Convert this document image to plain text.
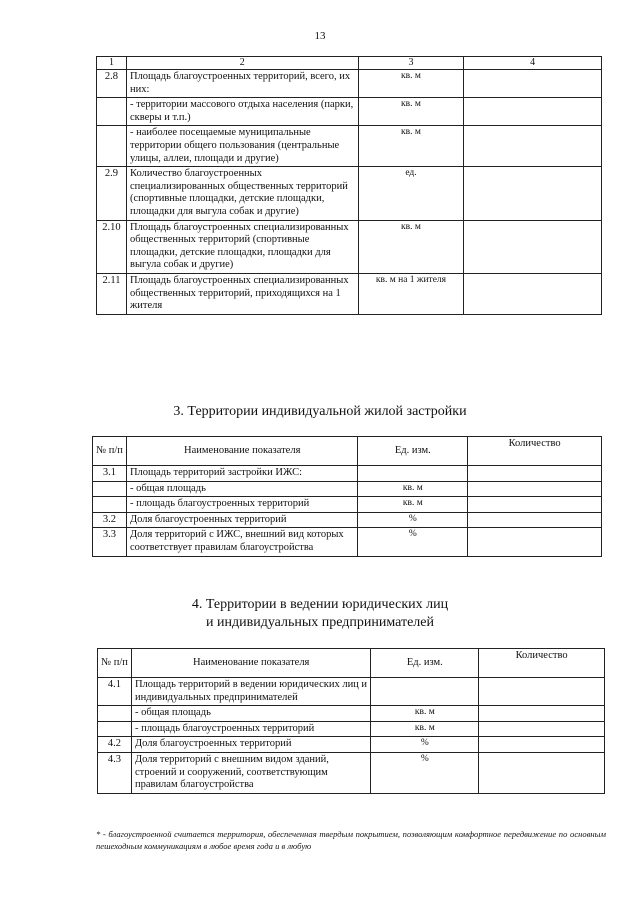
13
1	2	3	4
2.8	Площадь благоустроенных территорий, всего, их них:	кв. м	
	- территории массового отдыха населения (парки, скверы и т.п.)	кв. м	
	- наиболее посещаемые муниципальные территории общего пользования (центральные улицы, аллеи, площади и другие)	кв. м	
2.9	Количество благоустроенных специализированных общественных территорий (спортивные площадки, детские площадки, площадки для выгула собак и другие)	ед.	
2.10	Площадь благоустроенных специализированных общественных территорий (спортивные площадки, детские площадки, площадки для выгула собак и другие)	кв. м	
2.11	Площадь благоустроенных специализированных общественных территорий, приходящихся на 1 жителя	кв. м на 1 жителя	
3. Территории индивидуальной жилой застройки
№ п/п	Наименование показателя	Ед. изм.	Количество
3.1	Площадь территорий застройки ИЖС:		
	- общая площадь	кв. м	
	- площадь благоустроенных территорий	кв. м	
3.2	Доля благоустроенных территорий	%	
3.3	Доля территорий с ИЖС, внешний вид которых соответствует правилам благоустройства	%	
4. Территории в ведении юридических лиц
и индивидуальных предпринимателей
№ п/п	Наименование показателя	Ед. изм.	Количество
4.1	Площадь территорий в ведении юридических лиц и индивидуальных предпринимателей		
	- общая площадь	кв. м	
	- площадь благоустроенных территорий	кв. м	
4.2	Доля благоустроенных территорий	%	
4.3	Доля территорий с внешним видом зданий, строений и сооружений, соответствующим правилам благоустройства	%	
* - благоустроенной считается территория, обеспеченная твердым покрытием, позволяющим комфортное передвижение по основным пешеходным коммуникациям в любое время года и в любую
